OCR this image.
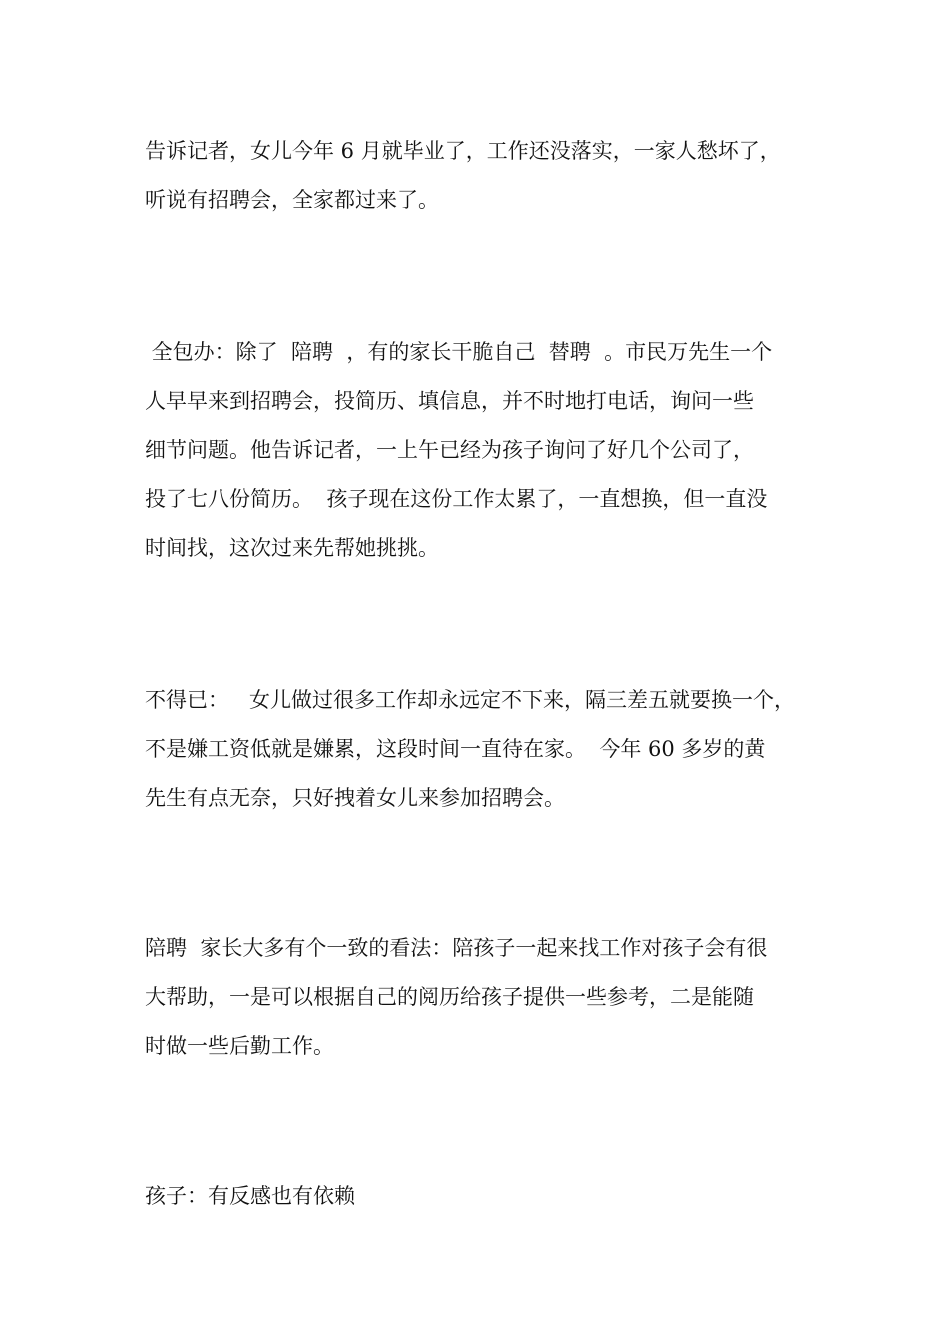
告诉记者，女儿今年 6 月就毕业了，工作还没落实，一家人愁坏了，
听说有招聘会，全家都过来了。
全包办：除了  陪聘  ，有的家长干脆自己  替聘  。市民万先生一个
人早早来到招聘会，投简历、填信息，并不时地打电话，询问一些
细节问题。他告诉记者，一上午已经为孩子询问了好几个公司了，
投了七八份简历。  孩子现在这份工作太累了，一直想换，但一直没
时间找，这次过来先帮她挑挑。
不得已：   女儿做过很多工作却永远定不下来，隔三差五就要换一个，
不是嫌工资低就是嫌累，这段时间一直待在家。  今年 60 多岁的黄
先生有点无奈，只好拽着女儿来参加招聘会。
陪聘  家长大多有个一致的看法：陪孩子一起来找工作对孩子会有很
大帮助，一是可以根据自己的阅历给孩子提供一些参考，二是能随
时做一些后勤工作。
孩子：有反感也有依赖
